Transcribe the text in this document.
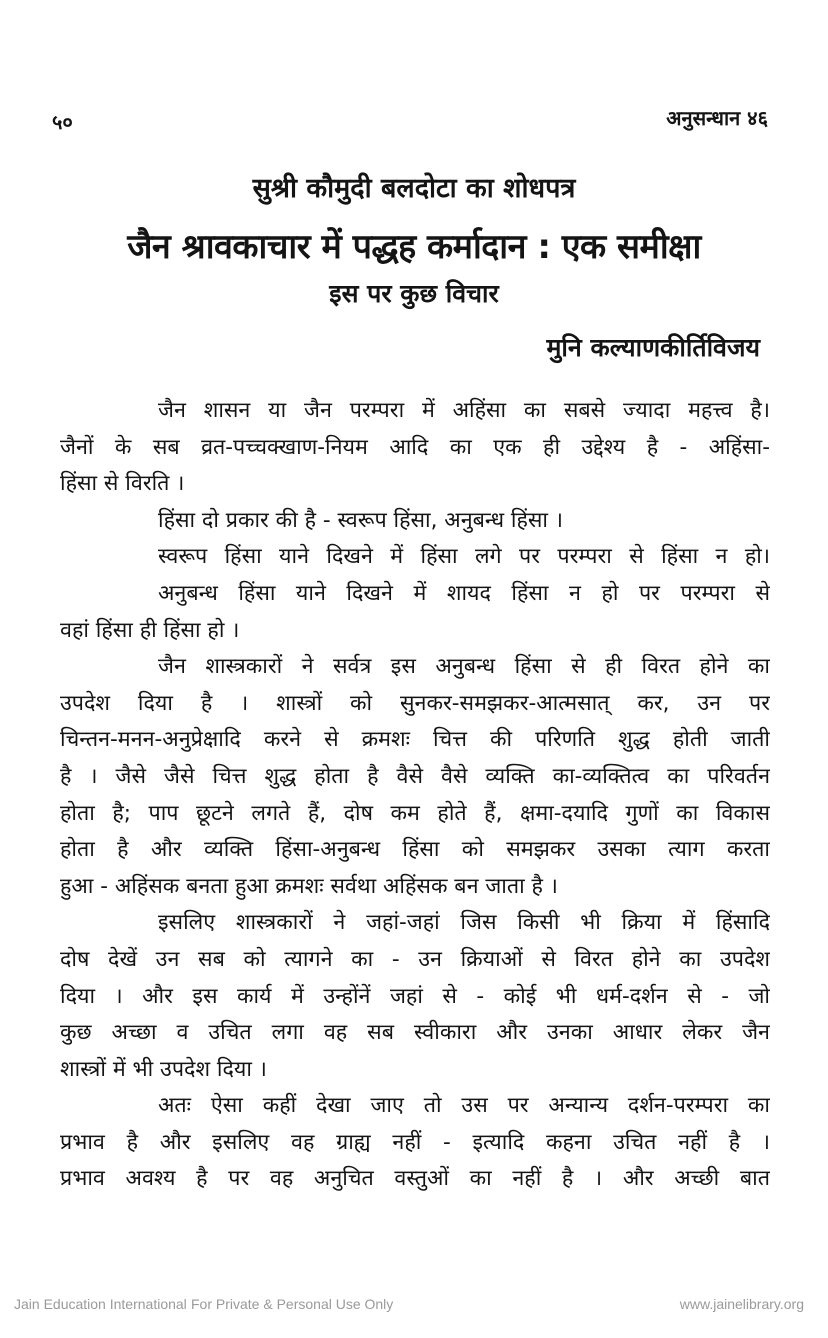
५०	अनुसन्धान ४६
सुश्री कौमुदी बलदोटा का शोधपत्र
जैन श्रावकाचार में पद्धह कर्मादान : एक समीक्षा
इस पर कुछ विचार
मुनि कल्याणकीर्तिविजय
जैन शासन या जैन परम्परा में अहिंसा का सबसे ज्यादा महत्त्व है।
जैनों के सब व्रत-पच्चक्खाण-नियम आदि का एक ही उद्देश्य है - अहिंसा-
हिंसा से विरति ।
हिंसा दो प्रकार की है - स्वरूप हिंसा, अनुबन्ध हिंसा ।
स्वरूप हिंसा याने दिखने में हिंसा लगे पर परम्परा से हिंसा न हो।
अनुबन्ध हिंसा याने दिखने में शायद हिंसा न हो पर परम्परा से
वहां हिंसा ही हिंसा हो ।
जैन शास्त्रकारों ने सर्वत्र इस अनुबन्ध हिंसा से ही विरत होने का
उपदेश दिया है । शास्त्रों को सुनकर-समझकर-आत्मसात् कर, उन पर
चिन्तन-मनन-अनुप्रेक्षादि करने से क्रमशः चित्त की परिणति शुद्ध होती जाती
है । जैसे जैसे चित्त शुद्ध होता है वैसे वैसे व्यक्ति का-व्यक्तित्व का परिवर्तन
होता है; पाप छूटने लगते हैं, दोष कम होते हैं, क्षमा-दयादि गुणों का विकास
होता है और व्यक्ति हिंसा-अनुबन्ध हिंसा को समझकर उसका त्याग करता
हुआ - अहिंसक बनता हुआ क्रमशः सर्वथा अहिंसक बन जाता है ।
इसलिए शास्त्रकारों ने जहां-जहां जिस किसी भी क्रिया में हिंसादि
दोष देखें उन सब को त्यागने का - उन क्रियाओं से विरत होने का उपदेश
दिया । और इस कार्य में उन्होंनें जहां से - कोई भी धर्म-दर्शन से - जो
कुछ अच्छा व उचित लगा वह सब स्वीकारा और उनका आधार लेकर जैन
शास्त्रों में भी उपदेश दिया ।
अतः ऐसा कहीं देखा जाए तो उस पर अन्यान्य दर्शन-परम्परा का
प्रभाव है और इसलिए वह ग्राह्य नहीं - इत्यादि कहना उचित नहीं है ।
प्रभाव अवश्य है पर वह अनुचित वस्तुओं का नहीं है । और अच्छी बात
Jain Education International For Private & Personal Use Only	www.jainelibrary.org
